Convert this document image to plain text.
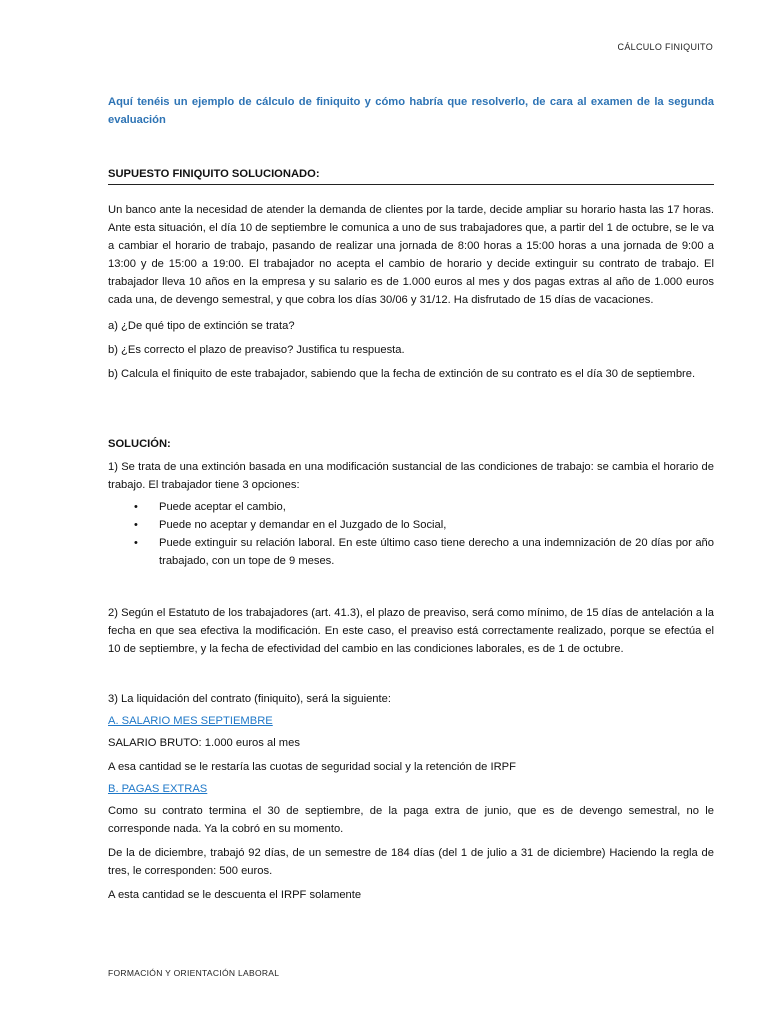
CÁLCULO FINIQUITO

Aquí tenéis un ejemplo de cálculo de finiquito y cómo habría que resolverlo, de cara al examen de la segunda evaluación

SUPUESTO FINIQUITO SOLUCIONADO:

Un banco ante la necesidad de atender la demanda de clientes por la tarde, decide ampliar su horario hasta las 17 horas. Ante esta situación, el día 10 de septiembre le comunica a uno de sus trabajadores que, a partir del 1 de octubre, se le va a cambiar el horario de trabajo, pasando de realizar una jornada de 8:00 horas a 15:00 horas a una jornada de 9:00 a 13:00 y de 15:00 a 19:00. El trabajador no acepta el cambio de horario y decide extinguir su contrato de trabajo. El trabajador lleva 10 años en la empresa y su salario es de 1.000 euros al mes y dos pagas extras al año de 1.000 euros cada una, de devengo semestral, y que cobra los días 30/06 y 31/12. Ha disfrutado de 15 días de vacaciones.

a) ¿De qué tipo de extinción se trata?

b) ¿Es correcto el plazo de preaviso? Justifica tu respuesta.

b) Calcula el finiquito de este trabajador, sabiendo que la fecha de extinción de su contrato es el día 30 de septiembre.

SOLUCIÓN:

1) Se trata de una extinción basada en una modificación sustancial de las condiciones de trabajo: se cambia el horario de trabajo. El trabajador tiene 3 opciones:

• Puede aceptar el cambio,
• Puede no aceptar y demandar en el Juzgado de lo Social,
• Puede extinguir su relación laboral. En este último caso tiene derecho a una indemnización de 20 días por año trabajado, con un tope de 9 meses.

2) Según el Estatuto de los trabajadores (art. 41.3), el plazo de preaviso, será como mínimo, de 15 días de antelación a la fecha en que sea efectiva la modificación. En este caso, el preaviso está correctamente realizado, porque se efectúa el 10 de septiembre, y la fecha de efectividad del cambio en las condiciones laborales, es de 1 de octubre.

3) La liquidación del contrato (finiquito), será la siguiente:

A. SALARIO MES SEPTIEMBRE

SALARIO BRUTO: 1.000 euros al mes

A esa cantidad se le restaría las cuotas de seguridad social y la retención de IRPF

B. PAGAS EXTRAS

Como su contrato termina el 30 de septiembre, de la paga extra de junio, que es de devengo semestral, no le corresponde nada. Ya la cobró en su momento.

De la de diciembre, trabajó 92 días, de un semestre de 184 días (del 1 de julio a 31 de diciembre) Haciendo la regla de tres, le corresponden: 500 euros.

A esta cantidad se le descuenta el IRPF solamente

FORMACIÓN Y ORIENTACIÓN LABORAL
